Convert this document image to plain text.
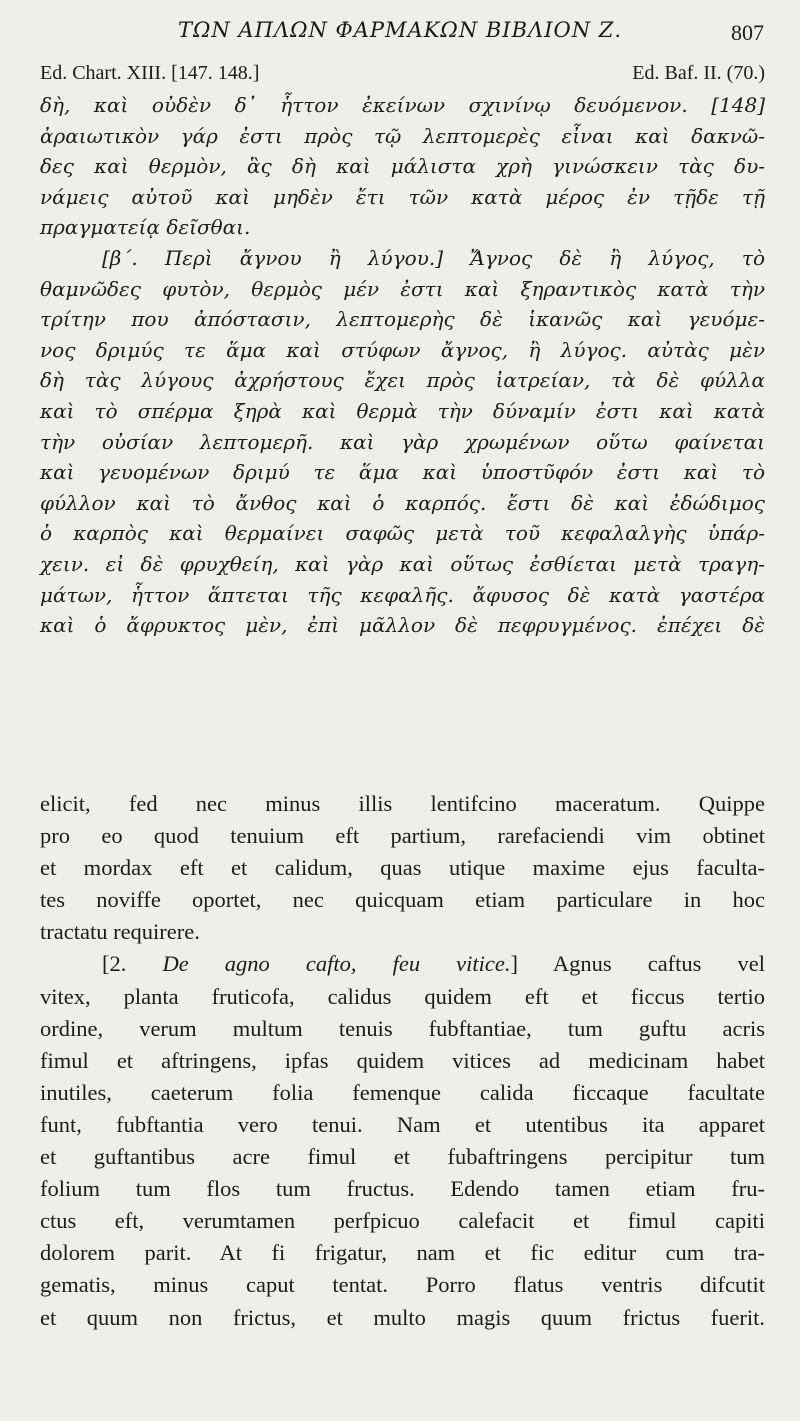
ΤΩΝ ΑΠΛΩΝ ΦΑΡΜΑΚΩΝ ΒΙΒΛΙΟΝ Ζ.	807
Ed. Chart. XIII. [147. 148.]	Ed. Baf. II. (70.)
δὴ, καὶ οὐδὲν δ᾽ ἧττον ἐκείνων σχινίνῳ δευόμενον. [148]
ἀραιωτικὸν γάρ ἐστι πρὸς τῷ λεπτομερὲς εἶναι καὶ δακνῶ-
δες καὶ θερμὸν, ἃς δὴ καὶ μάλιστα χρὴ γινώσκειν τὰς δυ-
νάμεις αὐτοῦ καὶ μηδὲν ἔτι τῶν κατὰ μέρος ἐν τῇδε τῇ
πραγματείᾳ δεῖσθαι.
[β΄. Περὶ ἄγνου ἢ λύγου.] Ἄγνος δὲ ἢ λύγος, τὸ
θαμνῶδες φυτὸν, θερμὸς μέν ἐστι καὶ ξηραντικὸς κατὰ τὴν
τρίτην που ἀπόστασιν, λεπτομερὴς δὲ ἱκανῶς καὶ γευόμε-
νος δριμύς τε ἅμα καὶ στύφων ἄγνος, ἢ λύγος. αὐτὰς μὲν
δὴ τὰς λύγους ἀχρήστους ἔχει πρὸς ἰατρείαν, τὰ δὲ φύλλα
καὶ τὸ σπέρμα ξηρὰ καὶ θερμὰ τὴν δύναμίν ἐστι καὶ κατὰ
τὴν οὐσίαν λεπτομερῆ. καὶ γὰρ χρωμένων οὕτω φαίνεται
καὶ γευομένων δριμύ τε ἅμα καὶ ὑποστῦφόν ἐστι καὶ τὸ
φύλλον καὶ τὸ ἄνθος καὶ ὁ καρπός. ἔστι δὲ καὶ ἐδώδιμος
ὁ καρπὸς καὶ θερμαίνει σαφῶς μετὰ τοῦ κεφαλαλγὴς ὑπάρ-
χειν. εἰ δὲ φρυχθείη, καὶ γὰρ καὶ οὕτως ἐσθίεται μετὰ τραγη-
μάτων, ἧττον ἅπτεται τῆς κεφαλῆς. ἄφυσος δὲ κατὰ γαστέρα
καὶ ὁ ἄφρυκτος μὲν, ἐπὶ μᾶλλον δὲ πεφρυγμένος. ἐπέχει δὲ
elicit, fed nec minus illis lentifcino maceratum. Quippe
pro eo quod tenuium eft partium, rarefaciendi vim obtinet
et mordax eft et calidum, quas utique maxime ejus faculta-
tes noviffe oportet, nec quicquam etiam particulare in hoc
tractatu requirere.
[2. De agno cafto, feu vitice.] Agnus caftus vel
vitex, planta fruticofa, calidus quidem eft et ficcus tertio
ordine, verum multum tenuis fubftantiae, tum guftu acris
fimul et aftringens, ipfas quidem vitices ad medicinam habet
inutiles, caeterum folia femenque calida ficcaque facultate
funt, fubftantia vero tenui. Nam et utentibus ita apparet
et guftantibus acre fimul et fubaftringens percipitur tum
folium tum flos tum fructus. Edendo tamen etiam fru-
ctus eft, verumtamen perfpicuo calefacit et fimul capiti
dolorem parit. At fi frigatur, nam et fic editur cum tra-
gematis, minus caput tentat. Porro flatus ventris difcutit
et quum non frictus, et multo magis quum frictus fuerit.
